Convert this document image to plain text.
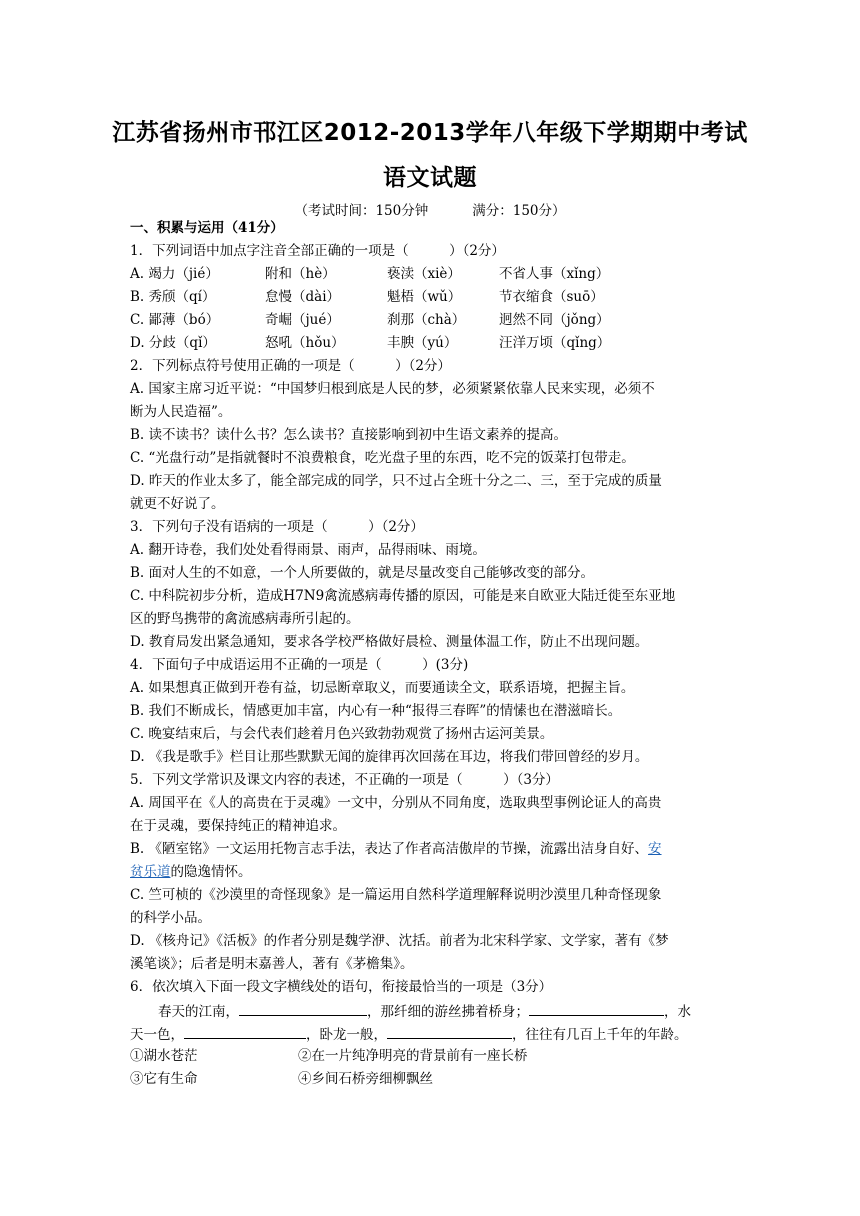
江苏省扬州市邗江区2012-2013学年八年级下学期期中考试
语文试题
（考试时间：150分钟	满分：150分）
一、积累与运用（41分）
1．下列词语中加点字注音全部正确的一项是（　　　）（2分）
A. 竭力（jié）	附和（hè）	亵渎（xiè）	不省人事（xǐng）
B. 秀颀（qí）	怠慢（dài）	魁梧（wǔ）	节衣缩食（suō）
C. 鄙薄（bó）	奇崛（jué）	刹那（chà） 迥然不同（jǒng）
D. 分歧（qǐ）	怒吼（hǒu）	丰腴（yú）	汪洋万顷（qǐng）
2．下列标点符号使用正确的一项是（　　　）（2分）
A. 国家主席习近平说：“中国梦归根到底是人民的梦，必须紧紧依靠人民来实现，必须不
断为人民造福”。
B. 读不读书？读什么书？怎么读书？直接影响到初中生语文素养的提高。
C. “光盘行动”是指就餐时不浪费粮食，吃光盘子里的东西，吃不完的饭菜打包带走。
D. 昨天的作业太多了，能全部完成的同学，只不过占全班十分之二、三，至于完成的质量
就更不好说了。
3．下列句子没有语病的一项是（　　　）（2分）
A. 翻开诗卷，我们处处看得雨景、雨声，品得雨味、雨境。
B. 面对人生的不如意，一个人所要做的，就是尽量改变自己能够改变的部分。
C. 中科院初步分析，造成H7N9禽流感病毒传播的原因，可能是来自欧亚大陆迁徙至东亚地
区的野鸟携带的禽流感病毒所引起的。
D. 教育局发出紧急通知，要求各学校严格做好晨检、测量体温工作，防止不出现问题。
4．下面句子中成语运用不正确的一项是（　　　）(3分)
A. 如果想真正做到开卷有益，切忌断章取义，而要通读全文，联系语境，把握主旨。
B. 我们不断成长，情感更加丰富，内心有一种“报得三春晖”的情愫也在潜滋暗长。
C. 晚宴结束后，与会代表们趁着月色兴致勃勃观赏了扬州古运河美景。
D. 《我是歌手》栏目让那些默默无闻的旋律再次回荡在耳边，将我们带回曾经的岁月。
5．下列文学常识及课文内容的表述，不正确的一项是（　　　）（3分）
A. 周国平在《人的高贵在于灵魂》一文中，分别从不同角度，选取典型事例论证人的高贵
在于灵魂，要保持纯正的精神追求。
B. 《陋室铭》一文运用托物言志手法，表达了作者高洁傲岸的节操，流露出洁身自好、安
贫乐道的隐逸情怀。
C. 竺可桢的《沙漠里的奇怪现象》是一篇运用自然科学道理解释说明沙漠里几种奇怪现象
的科学小品。
D. 《核舟记》《活板》的作者分别是魏学洢、沈括。前者为北宋科学家、文学家，著有《梦
溪笔谈》；后者是明末嘉善人，著有《茅檐集》。
6．依次填入下面一段文字横线处的语句，衔接最恰当的一项是（3分）
春天的江南，	，那纤细的游丝拂着桥身；	，水
天一色，	，卧龙一般，	，往往有几百上千年的年龄。
①湖水苍茫	②在一片纯净明亮的背景前有一座长桥
③它有生命	④乡间石桥旁细柳飘丝
